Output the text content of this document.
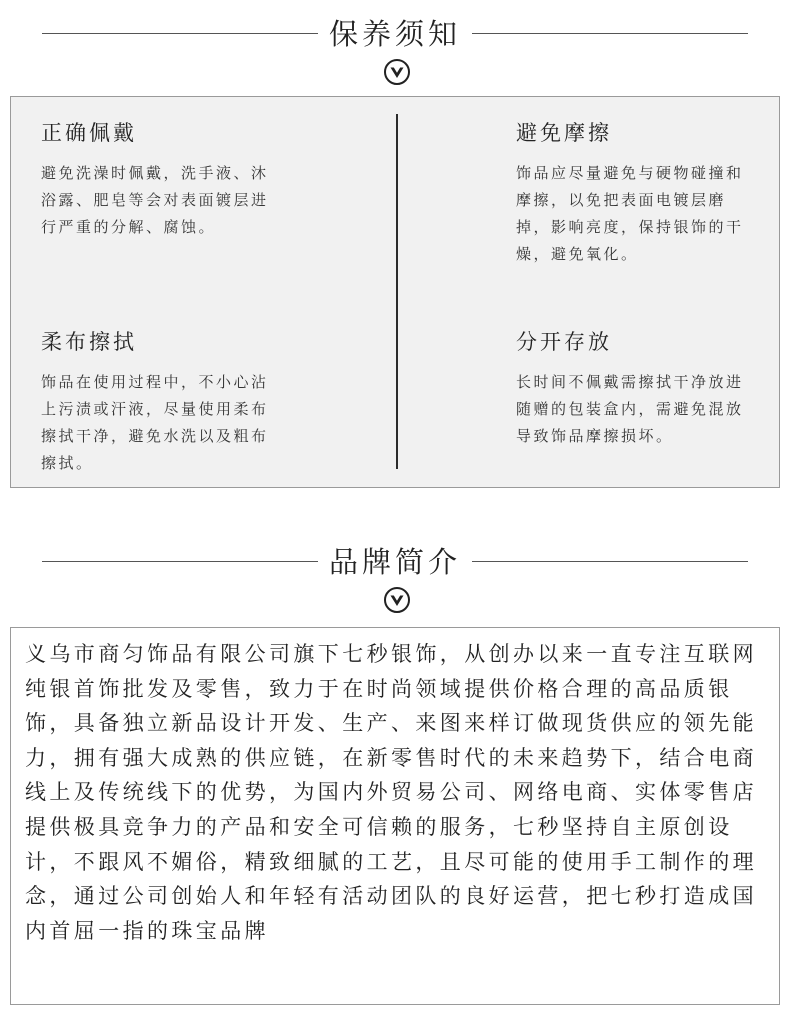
保养须知
正确佩戴

避免洗澡时佩戴，洗手液、沐浴露、肥皂等会对表面镀层进行严重的分解、腐蚀。

避免摩擦

饰品应尽量避免与硬物碰撞和摩擦，以免把表面电镀层磨掉，影响亮度，保持银饰的干燥，避免氧化。

柔布擦拭

饰品在使用过程中，不小心沾上污渍或汗液，尽量使用柔布擦拭干净，避免水洗以及粗布擦拭。

分开存放

长时间不佩戴需擦拭干净放进随赠的包装盒内，需避免混放导致饰品摩擦损坏。

品牌简介

义乌市商匀饰品有限公司旗下七秒银饰，从创办以来一直专注互联网纯银首饰批发及零售，致力于在时尚领域提供价格合理的高品质银饰，具备独立新品设计开发、生产、来图来样订做现货供应的领先能力，拥有强大成熟的供应链，在新零售时代的未来趋势下，结合电商线上及传统线下的优势，为国内外贸易公司、网络电商、实体零售店提供极具竞争力的产品和安全可信赖的服务，七秒坚持自主原创设计，不跟风不媚俗，精致细腻的工艺，且尽可能的使用手工制作的理念，通过公司创始人和年轻有活动团队的良好运营，把七秒打造成国内首屈一指的珠宝品牌
